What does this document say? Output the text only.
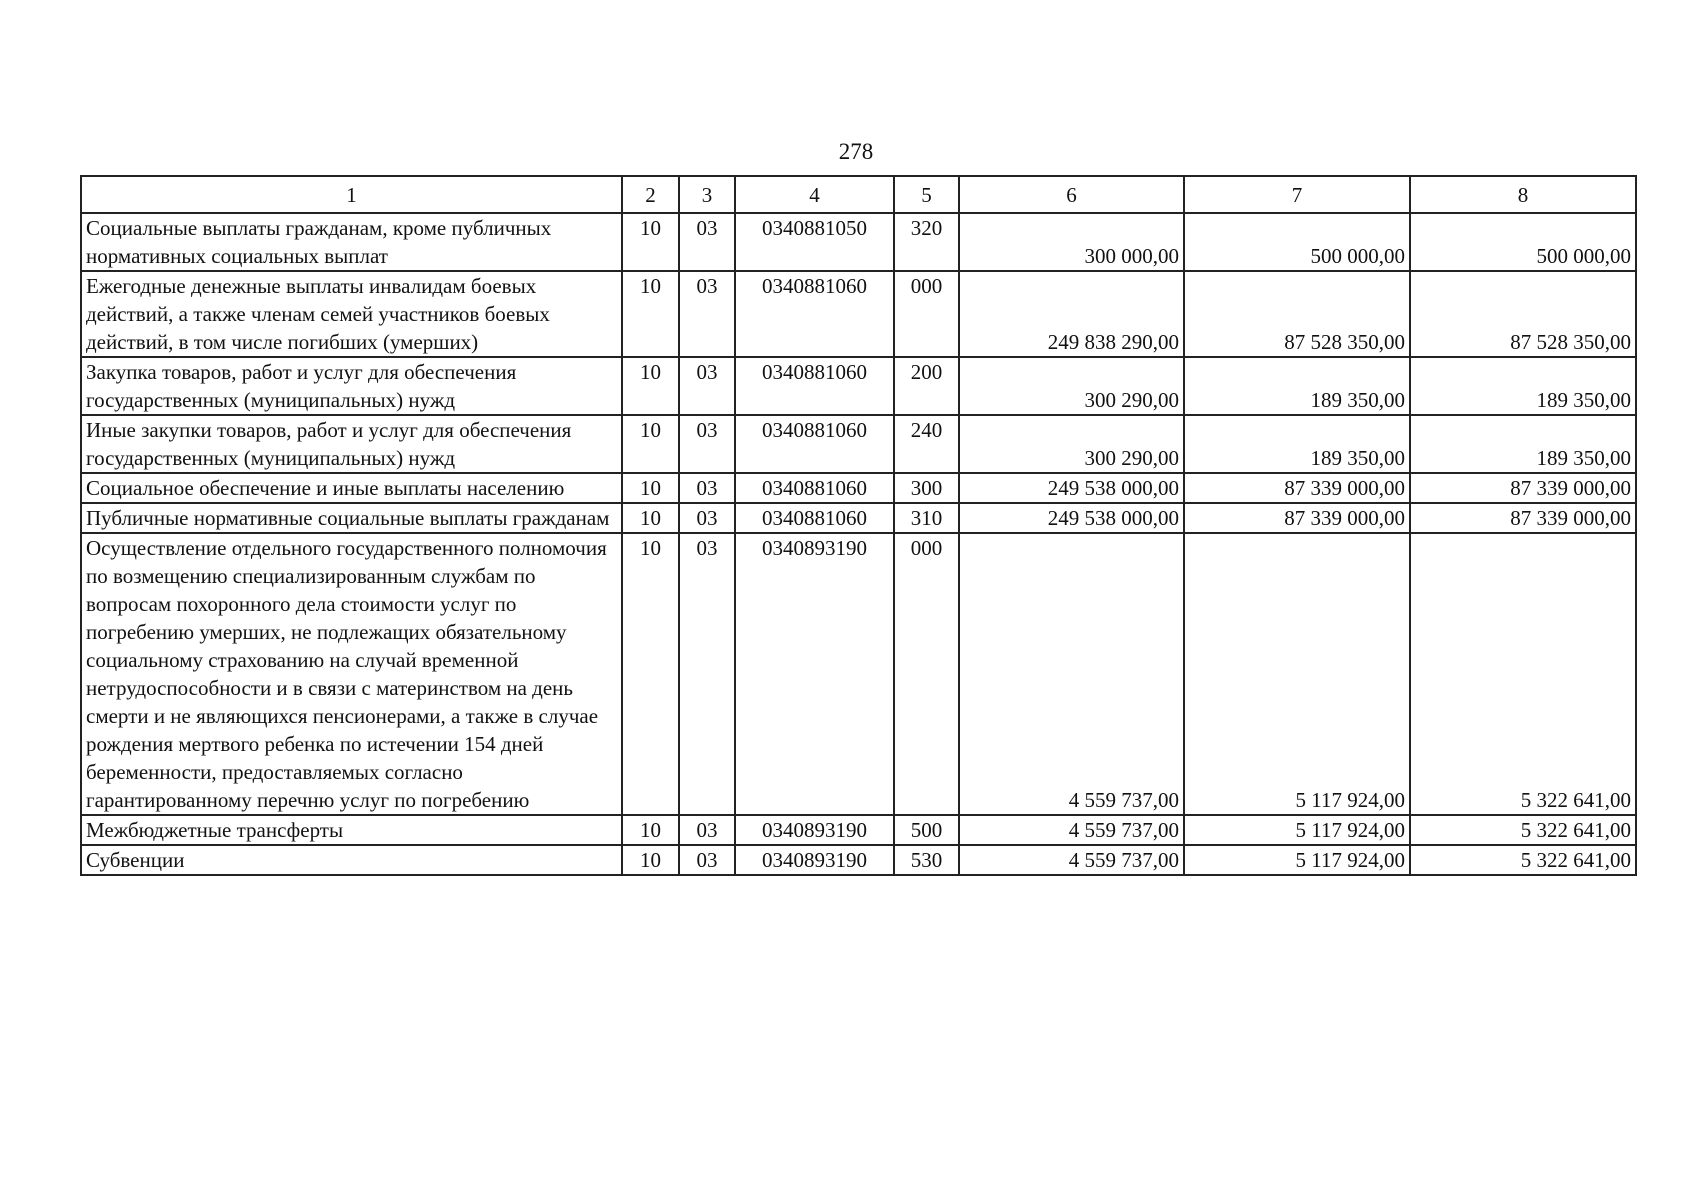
278
1	2	3	4	5	6	7	8
Социальные выплаты гражданам, кроме публичных нормативных социальных выплат	10	03	0340881050	320	300 000,00	500 000,00	500 000,00
Ежегодные денежные выплаты инвалидам боевых действий, а также членам семей участников боевых действий, в том числе погибших (умерших)	10	03	0340881060	000	249 838 290,00	87 528 350,00	87 528 350,00
Закупка товаров, работ и услуг для обеспечения государственных (муниципальных) нужд	10	03	0340881060	200	300 290,00	189 350,00	189 350,00
Иные закупки товаров, работ и услуг для обеспечения государственных (муниципальных) нужд	10	03	0340881060	240	300 290,00	189 350,00	189 350,00
Социальное обеспечение и иные выплаты населению	10	03	0340881060	300	249 538 000,00	87 339 000,00	87 339 000,00
Публичные нормативные социальные выплаты гражданам	10	03	0340881060	310	249 538 000,00	87 339 000,00	87 339 000,00
Осуществление отдельного государственного полномочия по возмещению специализированным службам по вопросам похоронного дела стоимости услуг по погребению умерших, не подлежащих обязательному социальному страхованию на случай временной нетрудоспособности и в связи с материнством на день смерти и не являющихся пенсионерами, а также в случае рождения мертвого ребенка по истечении 154 дней беременности, предоставляемых согласно гарантированному перечню услуг по погребению	10	03	0340893190	000	4 559 737,00	5 117 924,00	5 322 641,00
Межбюджетные трансферты	10	03	0340893190	500	4 559 737,00	5 117 924,00	5 322 641,00
Субвенции	10	03	0340893190	530	4 559 737,00	5 117 924,00	5 322 641,00
